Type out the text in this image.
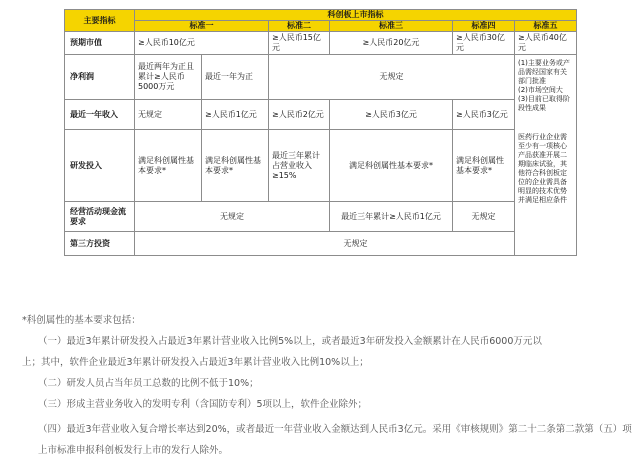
主要指标	科创板上市指标					
	标准一		标准二	标准三	标准四	标准五
预期市值	≥人民币10亿元		≥人民币15亿元	≥人民币20亿元	≥人民币30亿元	≥人民币40亿元
净利润	最近两年为正且累计≥人民币5000万元	最近一年为正	无规定			(1)主要业务或产品需经国家有关部门批准
(2)市场空间大
(3)目前已取得阶段性成果
医药行业企业需至少有一项核心产品获准开展二期临床试验，其他符合科创板定位的企业需具备明显的技术优势并满足相应条件

最近一年收入	无规定	≥人民币1亿元	≥人民币2亿元	≥人民币3亿元	≥人民币3亿元	
研发投入	满足科创属性基本要求*	满足科创属性基本要求*	最近三年累计占营业收入≥15%	满足科创属性基本要求*	满足科创属性基本要求*	
经营活动现金流要求	无规定			最近三年累计≥人民币1亿元	无规定	
第三方投资	无规定					

*科创属性的基本要求包括：

（一）最近3年累计研发投入占最近3年累计营业收入比例5%以上，或者最近3年研发投入金额累计在人民币6000万元以

上；其中，软件企业最近3年累计研发投入占最近3年累计营业收入比例10%以上；

（二）研发人员占当年员工总数的比例不低于10%；

（三）形成主营业务收入的发明专利（含国防专利）5项以上，软件企业除外；

（四）最近3年营业收入复合增长率达到20%，或者最近一年营业收入金额达到人民币3亿元。采用《审核规则》第二十二条第二款第（五）项上市标准申报科创板发行上市的发行人除外。
